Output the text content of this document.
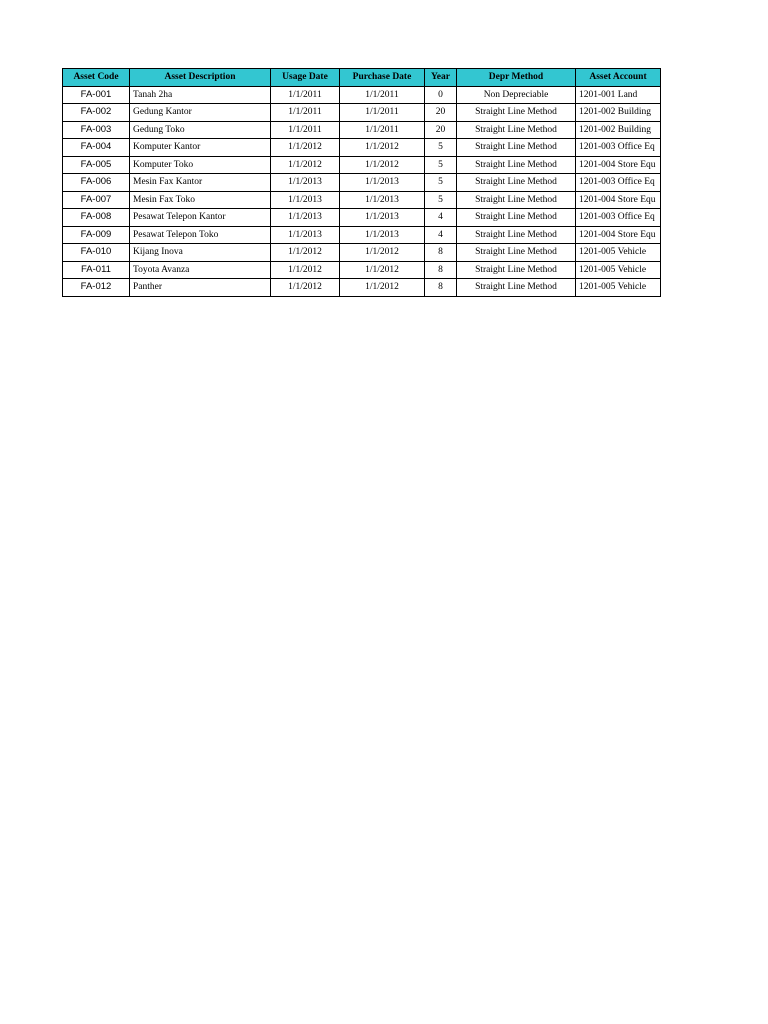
Asset Code	Asset Description	Usage Date	Purchase Date	Year	Depr Method	Asset Account
FA-001	Tanah 2ha	1/1/2011	1/1/2011	0	Non Depreciable	1201-001 Land
FA-002	Gedung Kantor	1/1/2011	1/1/2011	20	Straight Line Method	1201-002 Building
FA-003	Gedung Toko	1/1/2011	1/1/2011	20	Straight Line Method	1201-002 Building
FA-004	Komputer Kantor	1/1/2012	1/1/2012	5	Straight Line Method	1201-003 Office Eq
FA-005	Komputer Toko	1/1/2012	1/1/2012	5	Straight Line Method	1201-004 Store Equ
FA-006	Mesin Fax Kantor	1/1/2013	1/1/2013	5	Straight Line Method	1201-003 Office Eq
FA-007	Mesin Fax Toko	1/1/2013	1/1/2013	5	Straight Line Method	1201-004 Store Equ
FA-008	Pesawat Telepon Kantor	1/1/2013	1/1/2013	4	Straight Line Method	1201-003 Office Eq
FA-009	Pesawat Telepon Toko	1/1/2013	1/1/2013	4	Straight Line Method	1201-004 Store Equ
FA-010	Kijang Inova	1/1/2012	1/1/2012	8	Straight Line Method	1201-005 Vehicle
FA-011	Toyota Avanza	1/1/2012	1/1/2012	8	Straight Line Method	1201-005 Vehicle
FA-012	Panther	1/1/2012	1/1/2012	8	Straight Line Method	1201-005 Vehicle
